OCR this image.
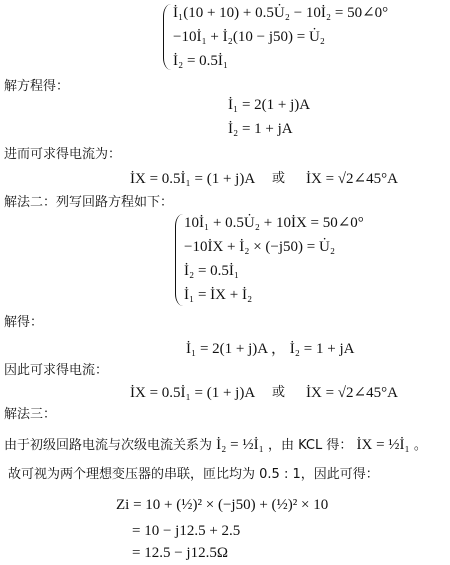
İ₁(10 + 10) + 0.5U̇₂ − 10İ₂ = 50∠0°
−10İ₁ + İ₂(10 − j50) = U̇₂
İ₂ = 0.5İ₁
解方程得：
İ₁ = 2(1 + j)A
İ₂ = 1 + jA
进而可求得电流为：
İX = 0.5İ₁ = (1 + j)A 或 İX = √2∠45°A
解法二：列写回路方程如下：
10İ₁ + 0.5U̇₂ + 10İX = 50∠0°
−10İX + İ₂ × (−j50) = U̇₂
İ₂ = 0.5İ₁
İ₁ = İX + İ₂
解得：
İ₁ = 2(1 + j)A ， İ₂ = 1 + jA
因此可求得电流：
İX = 0.5İ₁ = (1 + j)A 或 İX = √2∠45°A
解法三：
由于初级回路电流与次级电流关系为 İ₂ = ½İ₁ ，由 KCL 得： İX = ½İ₁ 。
故可视为两个理想变压器的串联，匝比均为 0.5 : 1，因此可得：
Zi = 10 + (½)² × (−j50) + (½)² × 10
= 10 − j12.5 + 2.5
= 12.5 − j12.5Ω
